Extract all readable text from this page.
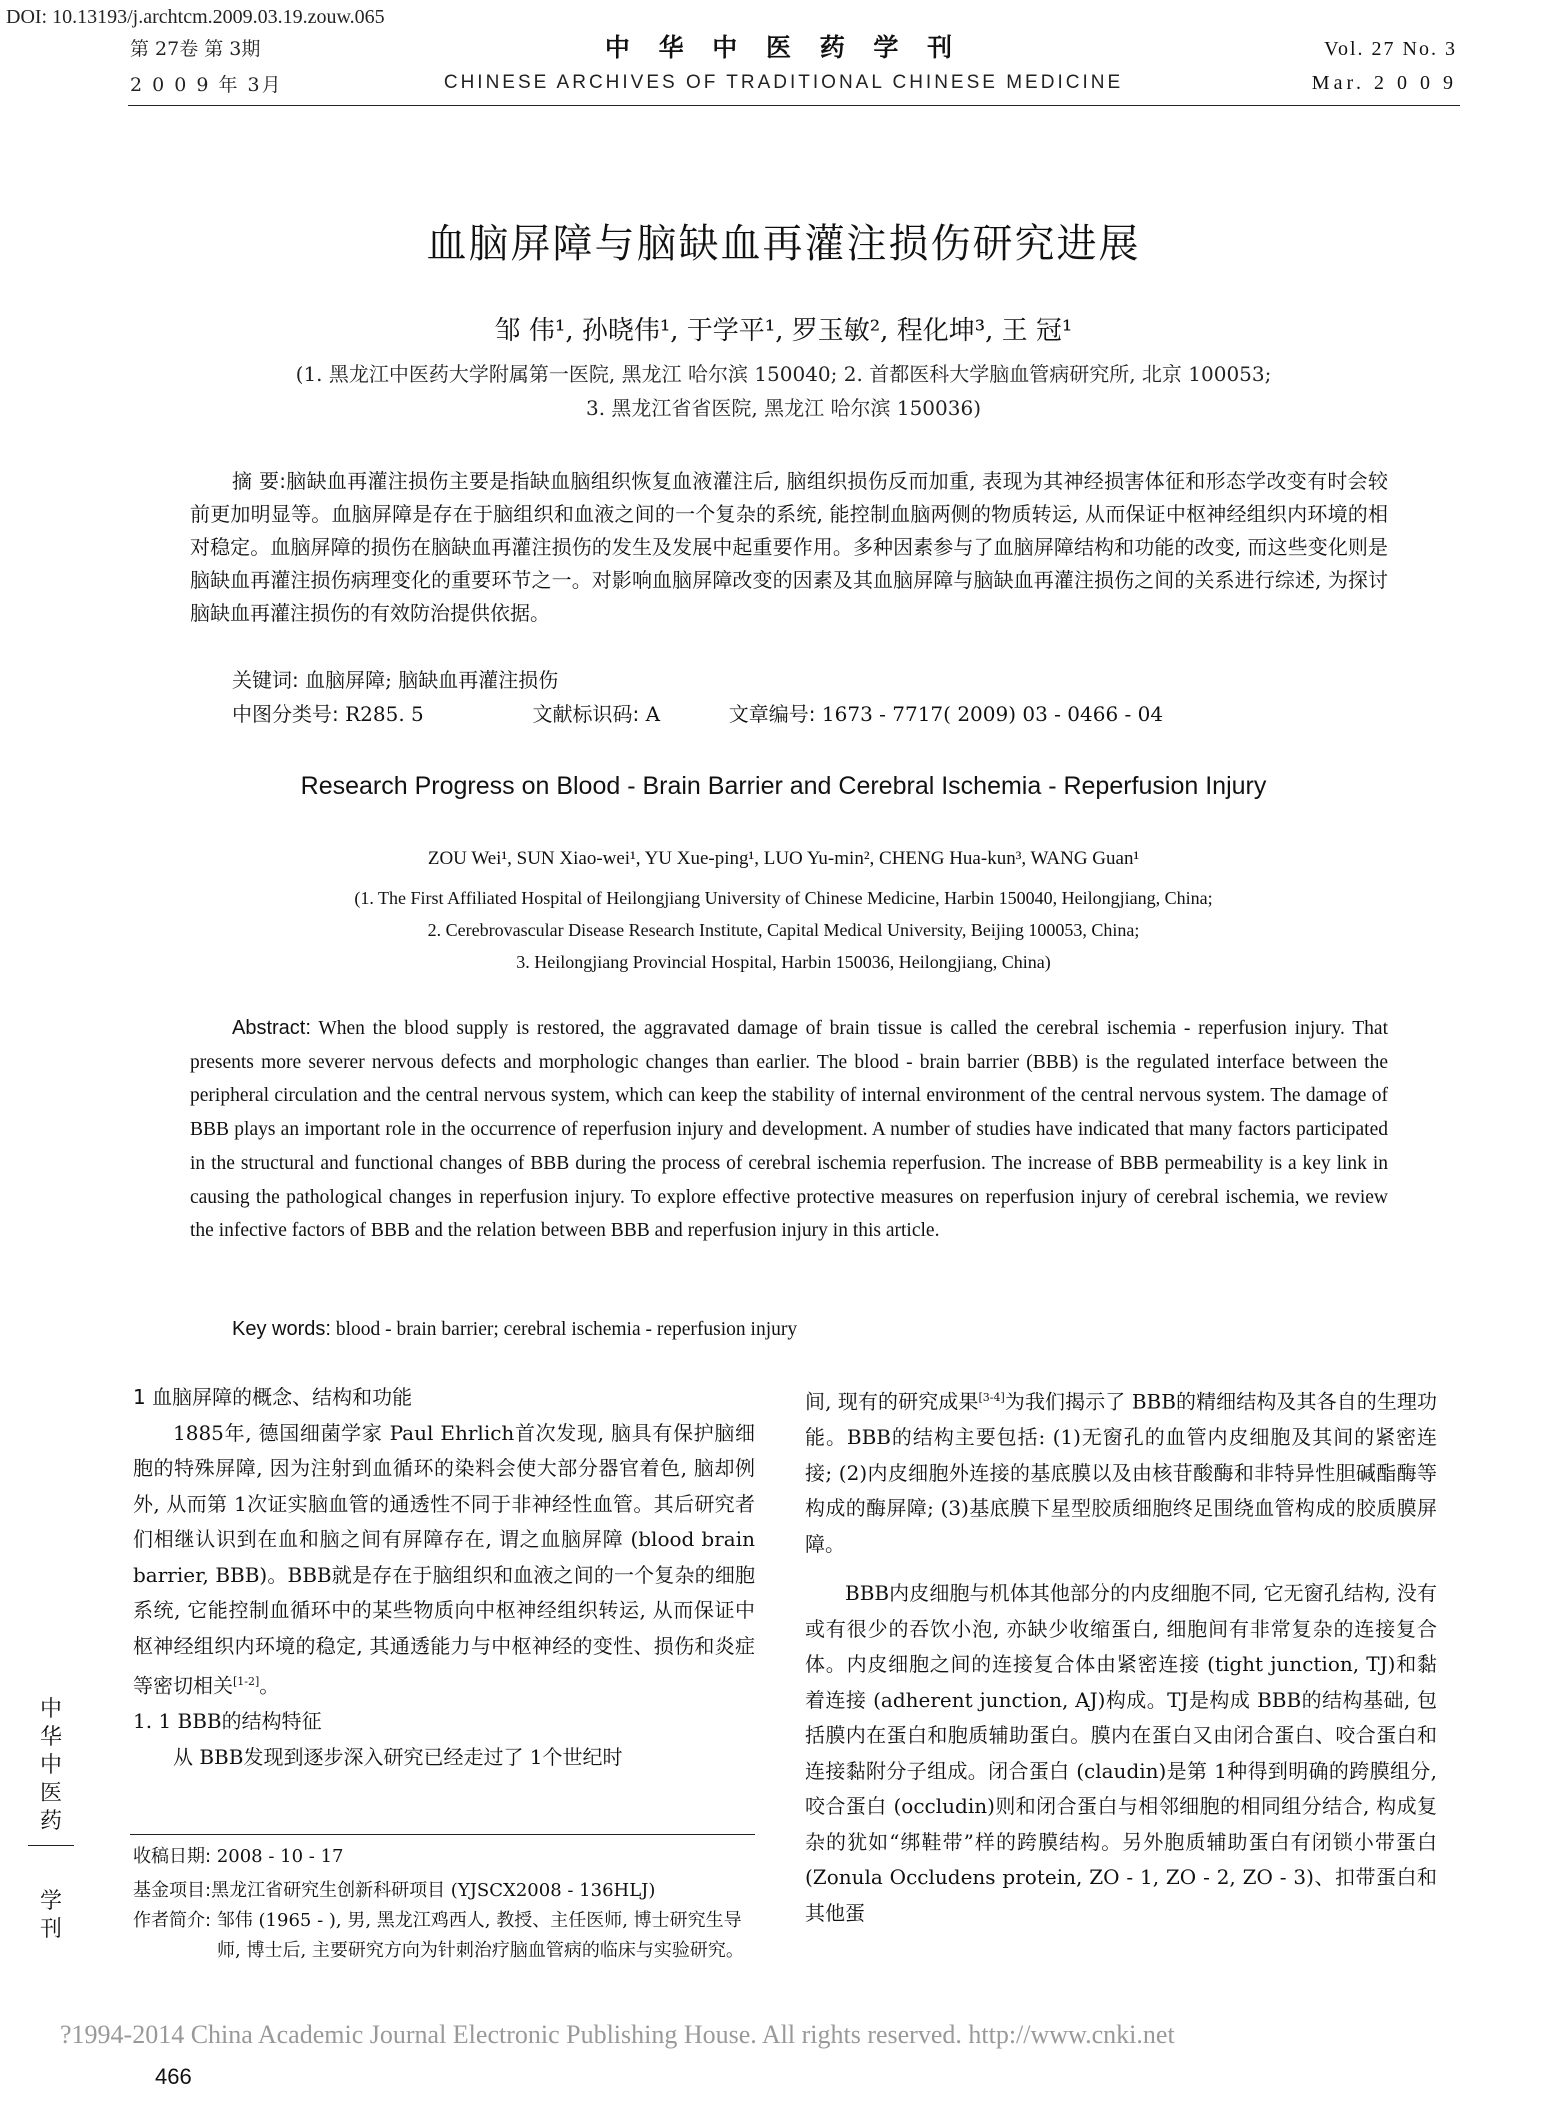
DOI: 10.13193/j.archtcm.2009.03.19.zouw.065
第 27卷 第 3期
2 0 0 9 年 3月
中 华 中 医 药 学 刊
CHINESE ARCHIVES OF TRADITIONAL CHINESE MEDICINE
Vol. 27 No. 3
Mar. 2 0 0 9
血脑屏障与脑缺血再灌注损伤研究进展
邹 伟¹, 孙晓伟¹, 于学平¹, 罗玉敏², 程化坤³, 王 冠¹
(1. 黑龙江中医药大学附属第一医院, 黑龙江 哈尔滨 150040; 2. 首都医科大学脑血管病研究所, 北京 100053;
3. 黑龙江省省医院, 黑龙江 哈尔滨 150036)
摘 要:脑缺血再灌注损伤主要是指缺血脑组织恢复血液灌注后, 脑组织损伤反而加重, 表现为其神经损害体征和形态学改变有时会较前更加明显等。血脑屏障是存在于脑组织和血液之间的一个复杂的系统, 能控制血脑两侧的物质转运, 从而保证中枢神经组织内环境的相对稳定。血脑屏障的损伤在脑缺血再灌注损伤的发生及发展中起重要作用。多种因素参与了血脑屏障结构和功能的改变, 而这些变化则是脑缺血再灌注损伤病理变化的重要环节之一。对影响血脑屏障改变的因素及其血脑屏障与脑缺血再灌注损伤之间的关系进行综述, 为探讨脑缺血再灌注损伤的有效防治提供依据。
关键词: 血脑屏障; 脑缺血再灌注损伤
中图分类号: R285. 5	文献标识码: A	文章编号: 1673 - 7717( 2009) 03 - 0466 - 04
Research Progress on Blood - Brain Barrier and Cerebral Ischemia - Reperfusion Injury
ZOU Wei¹, SUN Xiao-wei¹, YU Xue-ping¹, LUO Yu-min², CHENG Hua-kun³, WANG Guan¹
(1. The First Affiliated Hospital of Heilongjiang University of Chinese Medicine, Harbin 150040, Heilongjiang, China;
2. Cerebrovascular Disease Research Institute, Capital Medical University, Beijing 100053, China;
3. Heilongjiang Provincial Hospital, Harbin 150036, Heilongjiang, China)
Abstract: When the blood supply is restored, the aggravated damage of brain tissue is called the cerebral ischemia - reperfusion injury. That presents more severer nervous defects and morphologic changes than earlier. The blood - brain barrier (BBB) is the regulated interface between the peripheral circulation and the central nervous system, which can keep the stability of internal environment of the central nervous system. The damage of BBB plays an important role in the occurrence of reperfusion injury and development. A number of studies have indicated that many factors participated in the structural and functional changes of BBB during the process of cerebral ischemia reperfusion. The increase of BBB permeability is a key link in causing the pathological changes in reperfusion injury. To explore effective protective measures on reperfusion injury of cerebral ischemia, we review the infective factors of BBB and the relation between BBB and reperfusion injury in this article.
Key words: blood - brain barrier; cerebral ischemia - reperfusion injury

1 血脑屏障的概念、结构和功能

1885年, 德国细菌学家 Paul Ehrlich首次发现, 脑具有保护脑细胞的特殊屏障, 因为注射到血循环的染料会使大部分器官着色, 脑却例外, 从而第 1次证实脑血管的通透性不同于非神经性血管。其后研究者们相继认识到在血和脑之间有屏障存在, 谓之血脑屏障 (blood brain barrier, BBB)。BBB就是存在于脑组织和血液之间的一个复杂的细胞系统, 它能控制血循环中的某些物质向中枢神经组织转运, 从而保证中枢神经组织内环境的稳定, 其通透能力与中枢神经的变性、损伤和炎症等密切相关[1-2]。

1. 1 BBB的结构特征

从 BBB发现到逐步深入研究已经走过了 1个世纪时

收稿日期: 2008 - 10 - 17
基金项目:黑龙江省研究生创新科研项目 (YJSCX2008 - 136HLJ)
作者简介: 邹伟 (1965 - ), 男, 黑龙江鸡西人, 教授、主任医师, 博士研究生导师, 博士后, 主要研究方向为针刺治疗脑血管病的临床与实验研究。

间, 现有的研究成果[3-4]为我们揭示了 BBB的精细结构及其各自的生理功能。BBB的结构主要包括: (1)无窗孔的血管内皮细胞及其间的紧密连接; (2)内皮细胞外连接的基底膜以及由核苷酸酶和非特异性胆碱酯酶等构成的酶屏障; (3)基底膜下星型胶质细胞终足围绕血管构成的胶质膜屏障。

BBB内皮细胞与机体其他部分的内皮细胞不同, 它无窗孔结构, 没有或有很少的吞饮小泡, 亦缺少收缩蛋白, 细胞间有非常复杂的连接复合体。内皮细胞之间的连接复合体由紧密连接 (tight junction, TJ)和黏着连接 (adherent junction, AJ)构成。TJ是构成 BBB的结构基础, 包括膜内在蛋白和胞质辅助蛋白。膜内在蛋白又由闭合蛋白、咬合蛋白和连接黏附分子组成。闭合蛋白 (claudin)是第 1种得到明确的跨膜组分, 咬合蛋白 (occludin)则和闭合蛋白与相邻细胞的相同组分结合, 构成复杂的犹如“绑鞋带”样的跨膜结构。另外胞质辅助蛋白有闭锁小带蛋白 (Zonula Occludens protein, ZO - 1, ZO - 2, ZO - 3)、扣带蛋白和其他蛋

中华中医药
学刊
?1994-2014 China Academic Journal Electronic Publishing House. All rights reserved. http://www.cnki.net
466
